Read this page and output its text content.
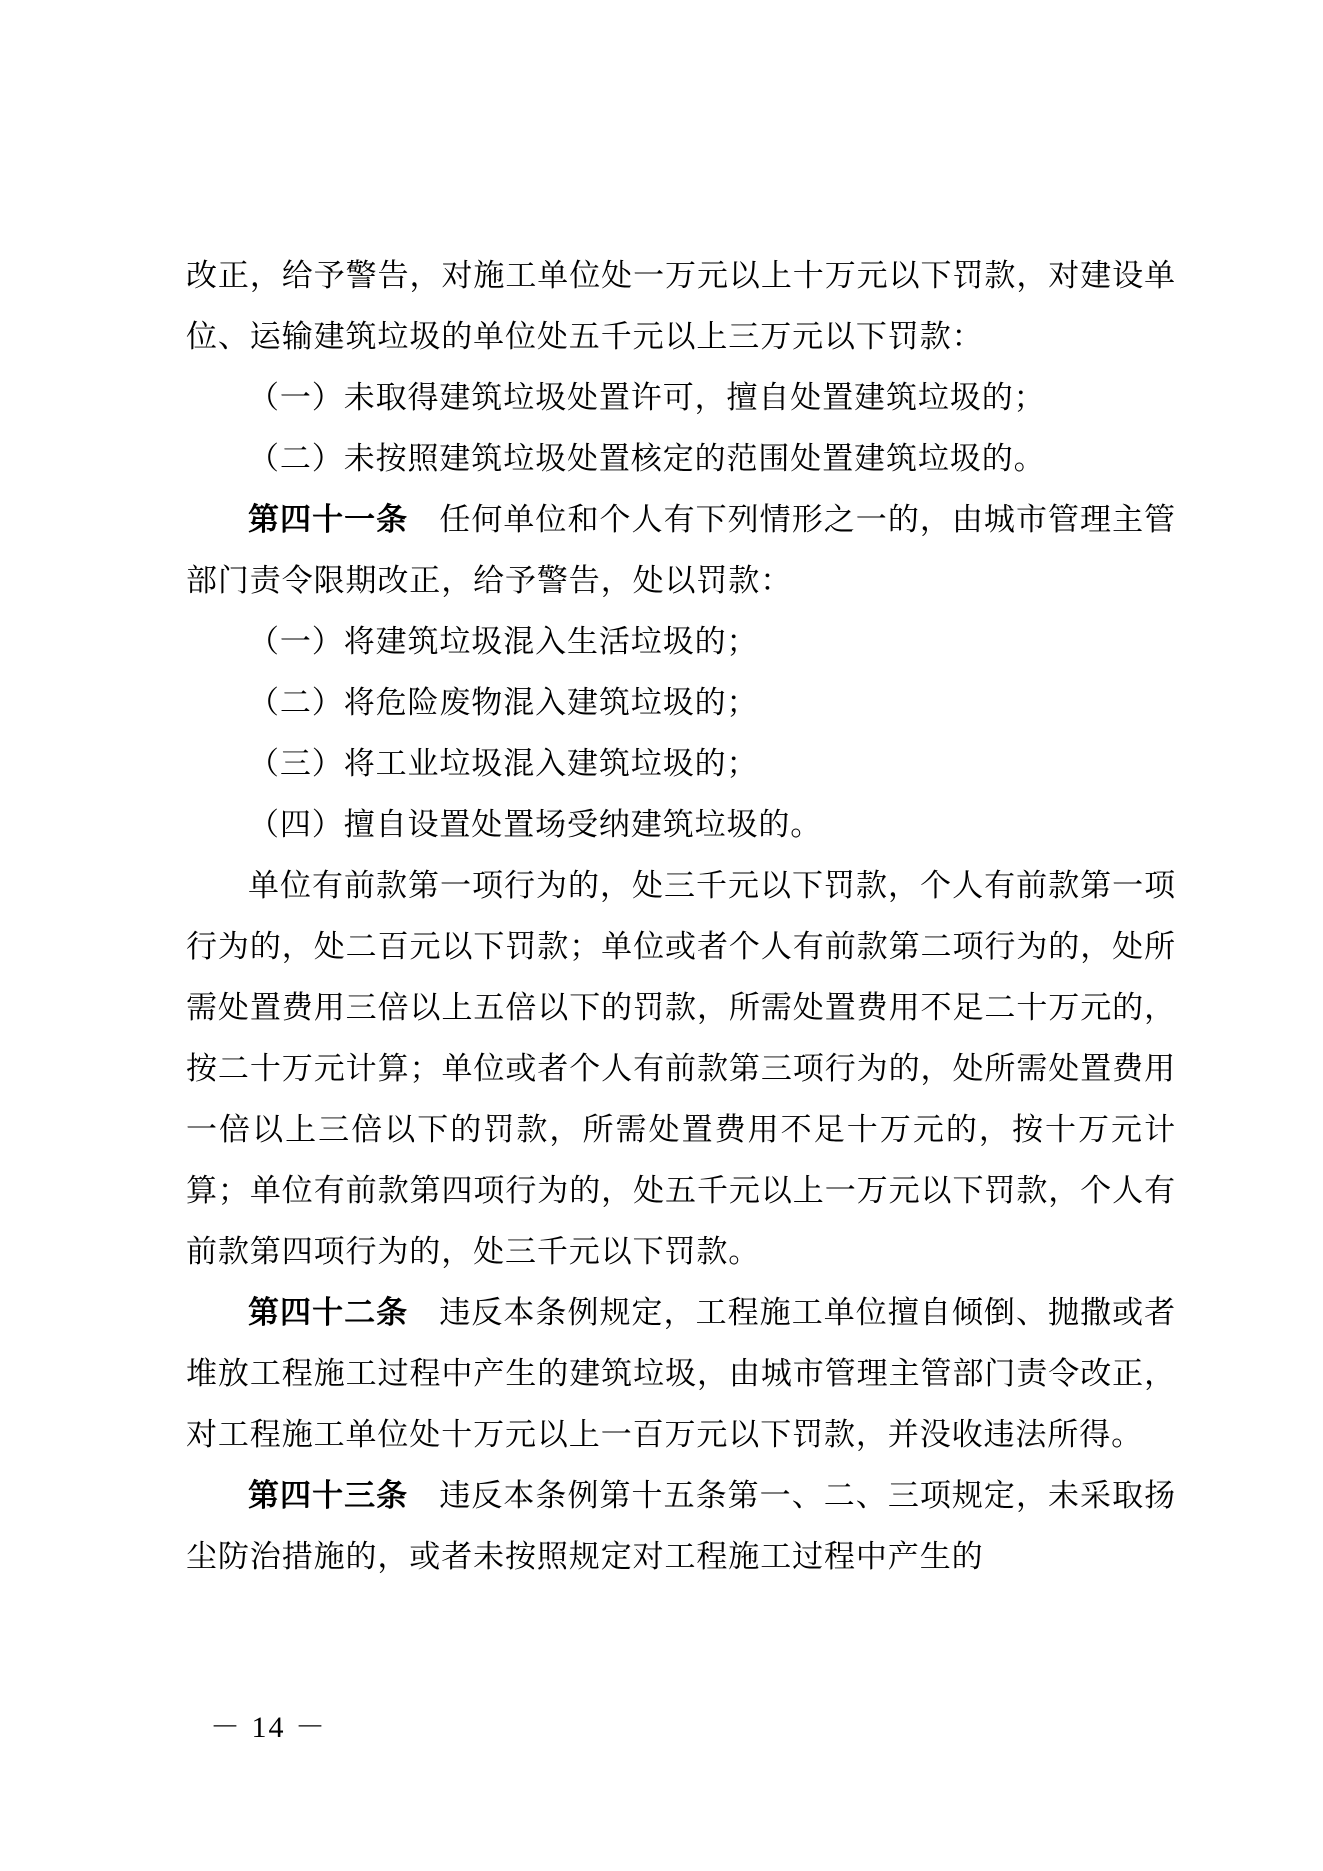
改正，给予警告，对施工单位处一万元以上十万元以下罚款，对建设单位、运输建筑垃圾的单位处五千元以上三万元以下罚款：

（一）未取得建筑垃圾处置许可，擅自处置建筑垃圾的；

（二）未按照建筑垃圾处置核定的范围处置建筑垃圾的。

第四十一条 任何单位和个人有下列情形之一的，由城市管理主管部门责令限期改正，给予警告，处以罚款：

（一）将建筑垃圾混入生活垃圾的；

（二）将危险废物混入建筑垃圾的；

（三）将工业垃圾混入建筑垃圾的；

（四）擅自设置处置场受纳建筑垃圾的。

单位有前款第一项行为的，处三千元以下罚款，个人有前款第一项行为的，处二百元以下罚款；单位或者个人有前款第二项行为的，处所需处置费用三倍以上五倍以下的罚款，所需处置费用不足二十万元的，按二十万元计算；单位或者个人有前款第三项行为的，处所需处置费用一倍以上三倍以下的罚款，所需处置费用不足十万元的，按十万元计算；单位有前款第四项行为的，处五千元以上一万元以下罚款，个人有前款第四项行为的，处三千元以下罚款。

第四十二条 违反本条例规定，工程施工单位擅自倾倒、抛撒或者堆放工程施工过程中产生的建筑垃圾，由城市管理主管部门责令改正，对工程施工单位处十万元以上一百万元以下罚款，并没收违法所得。

第四十三条 违反本条例第十五条第一、二、三项规定，未采取扬尘防治措施的，或者未按照规定对工程施工过程中产生的

－ 14 －
